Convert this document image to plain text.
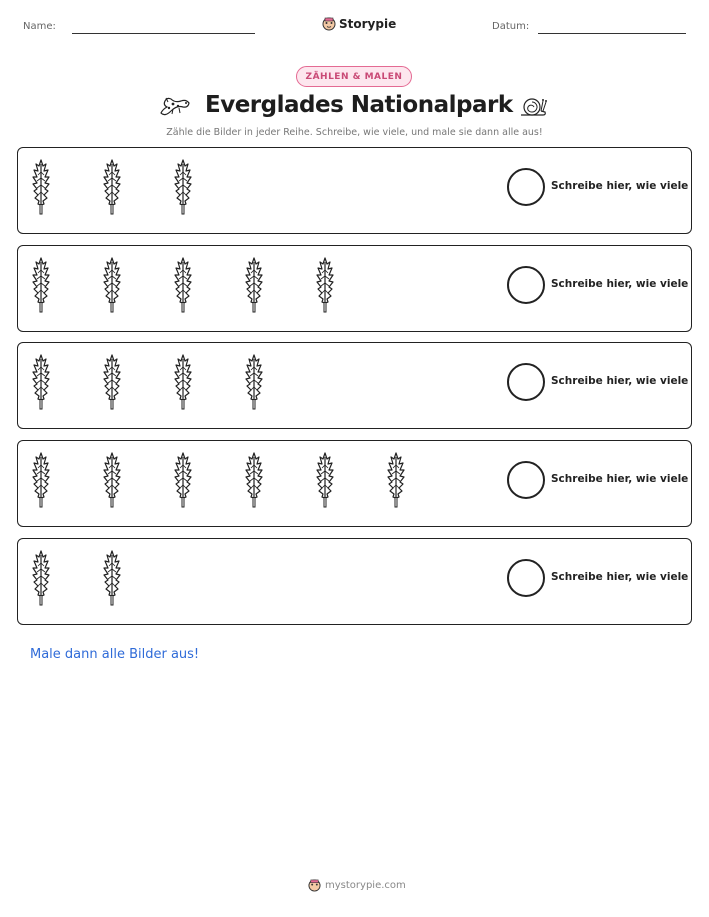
Name:	Storypie	Datum:
ZÄHLEN & MALEN
Everglades Nationalpark
Zähle die Bilder in jeder Reihe. Schreibe, wie viele, und male sie dann alle aus!
Schreibe hier, wie viele
Schreibe hier, wie viele
Schreibe hier, wie viele
Schreibe hier, wie viele
Schreibe hier, wie viele
Male dann alle Bilder aus!
mystorypie.com
